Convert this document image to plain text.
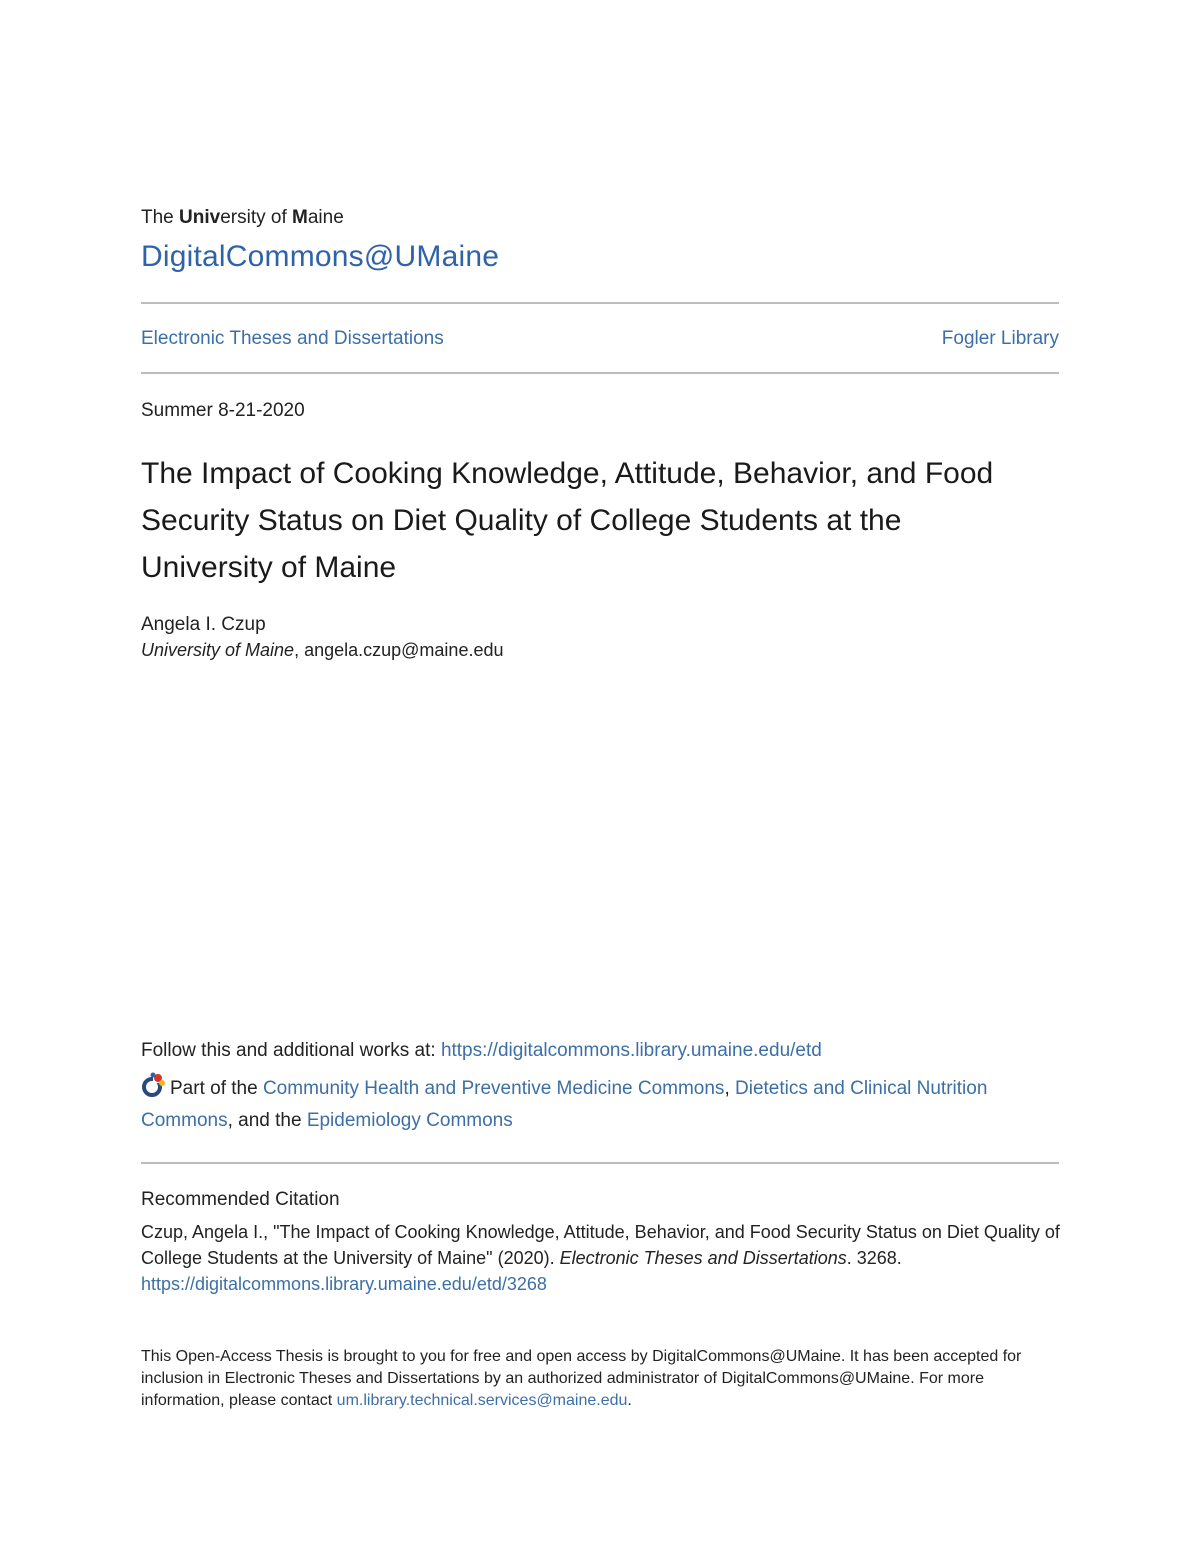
The University of Maine
DigitalCommons@UMaine
Electronic Theses and Dissertations	Fogler Library
Summer 8-21-2020
The Impact of Cooking Knowledge, Attitude, Behavior, and Food Security Status on Diet Quality of College Students at the University of Maine
Angela I. Czup
University of Maine, angela.czup@maine.edu
Follow this and additional works at: https://digitalcommons.library.umaine.edu/etd
Part of the Community Health and Preventive Medicine Commons, Dietetics and Clinical Nutrition Commons, and the Epidemiology Commons
Recommended Citation
Czup, Angela I., "The Impact of Cooking Knowledge, Attitude, Behavior, and Food Security Status on Diet Quality of College Students at the University of Maine" (2020). Electronic Theses and Dissertations. 3268.
https://digitalcommons.library.umaine.edu/etd/3268
This Open-Access Thesis is brought to you for free and open access by DigitalCommons@UMaine. It has been accepted for inclusion in Electronic Theses and Dissertations by an authorized administrator of DigitalCommons@UMaine. For more information, please contact um.library.technical.services@maine.edu.
